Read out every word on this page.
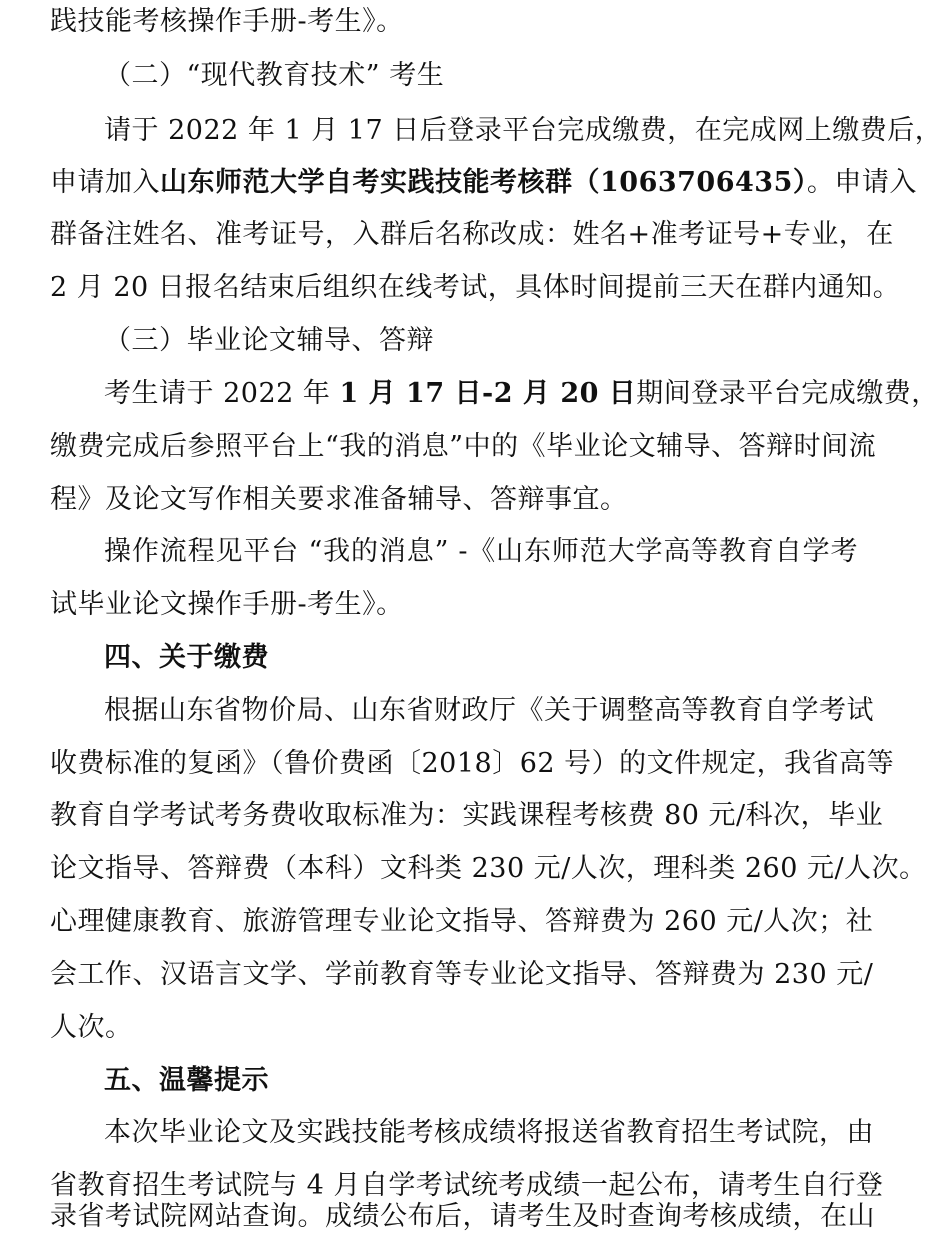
践技能考核操作手册-考生》。
（二）“现代教育技术” 考生
请于 2022 年 1 月 17 日后登录平台完成缴费，在完成网上缴费后，
申请加入山东师范大学自考实践技能考核群（1063706435）。申请入
群备注姓名、准考证号，入群后名称改成：姓名+准考证号+专业，在
2 月 20 日报名结束后组织在线考试，具体时间提前三天在群内通知。
（三）毕业论文辅导、答辩
考生请于 2022 年 1 月 17 日-2 月 20 日期间登录平台完成缴费，
缴费完成后参照平台上“我的消息”中的《毕业论文辅导、答辩时间流
程》及论文写作相关要求准备辅导、答辩事宜。
操作流程见平台 “我的消息” -《山东师范大学高等教育自学考
试毕业论文操作手册-考生》。
四、关于缴费
根据山东省物价局、山东省财政厅《关于调整高等教育自学考试
收费标准的复函》（鲁价费函〔2018〕62 号）的文件规定，我省高等
教育自学考试考务费收取标准为：实践课程考核费 80 元/科次，毕业
论文指导、答辩费（本科）文科类 230 元/人次，理科类 260 元/人次。
心理健康教育、旅游管理专业论文指导、答辩费为 260 元/人次；社
会工作、汉语言文学、学前教育等专业论文指导、答辩费为 230 元/
人次。
五、温馨提示
本次毕业论文及实践技能考核成绩将报送省教育招生考试院，由
省教育招生考试院与 4 月自学考试统考成绩一起公布，请考生自行登
录省考试院网站查询。成绩公布后，请考生及时查询考核成绩，在山
